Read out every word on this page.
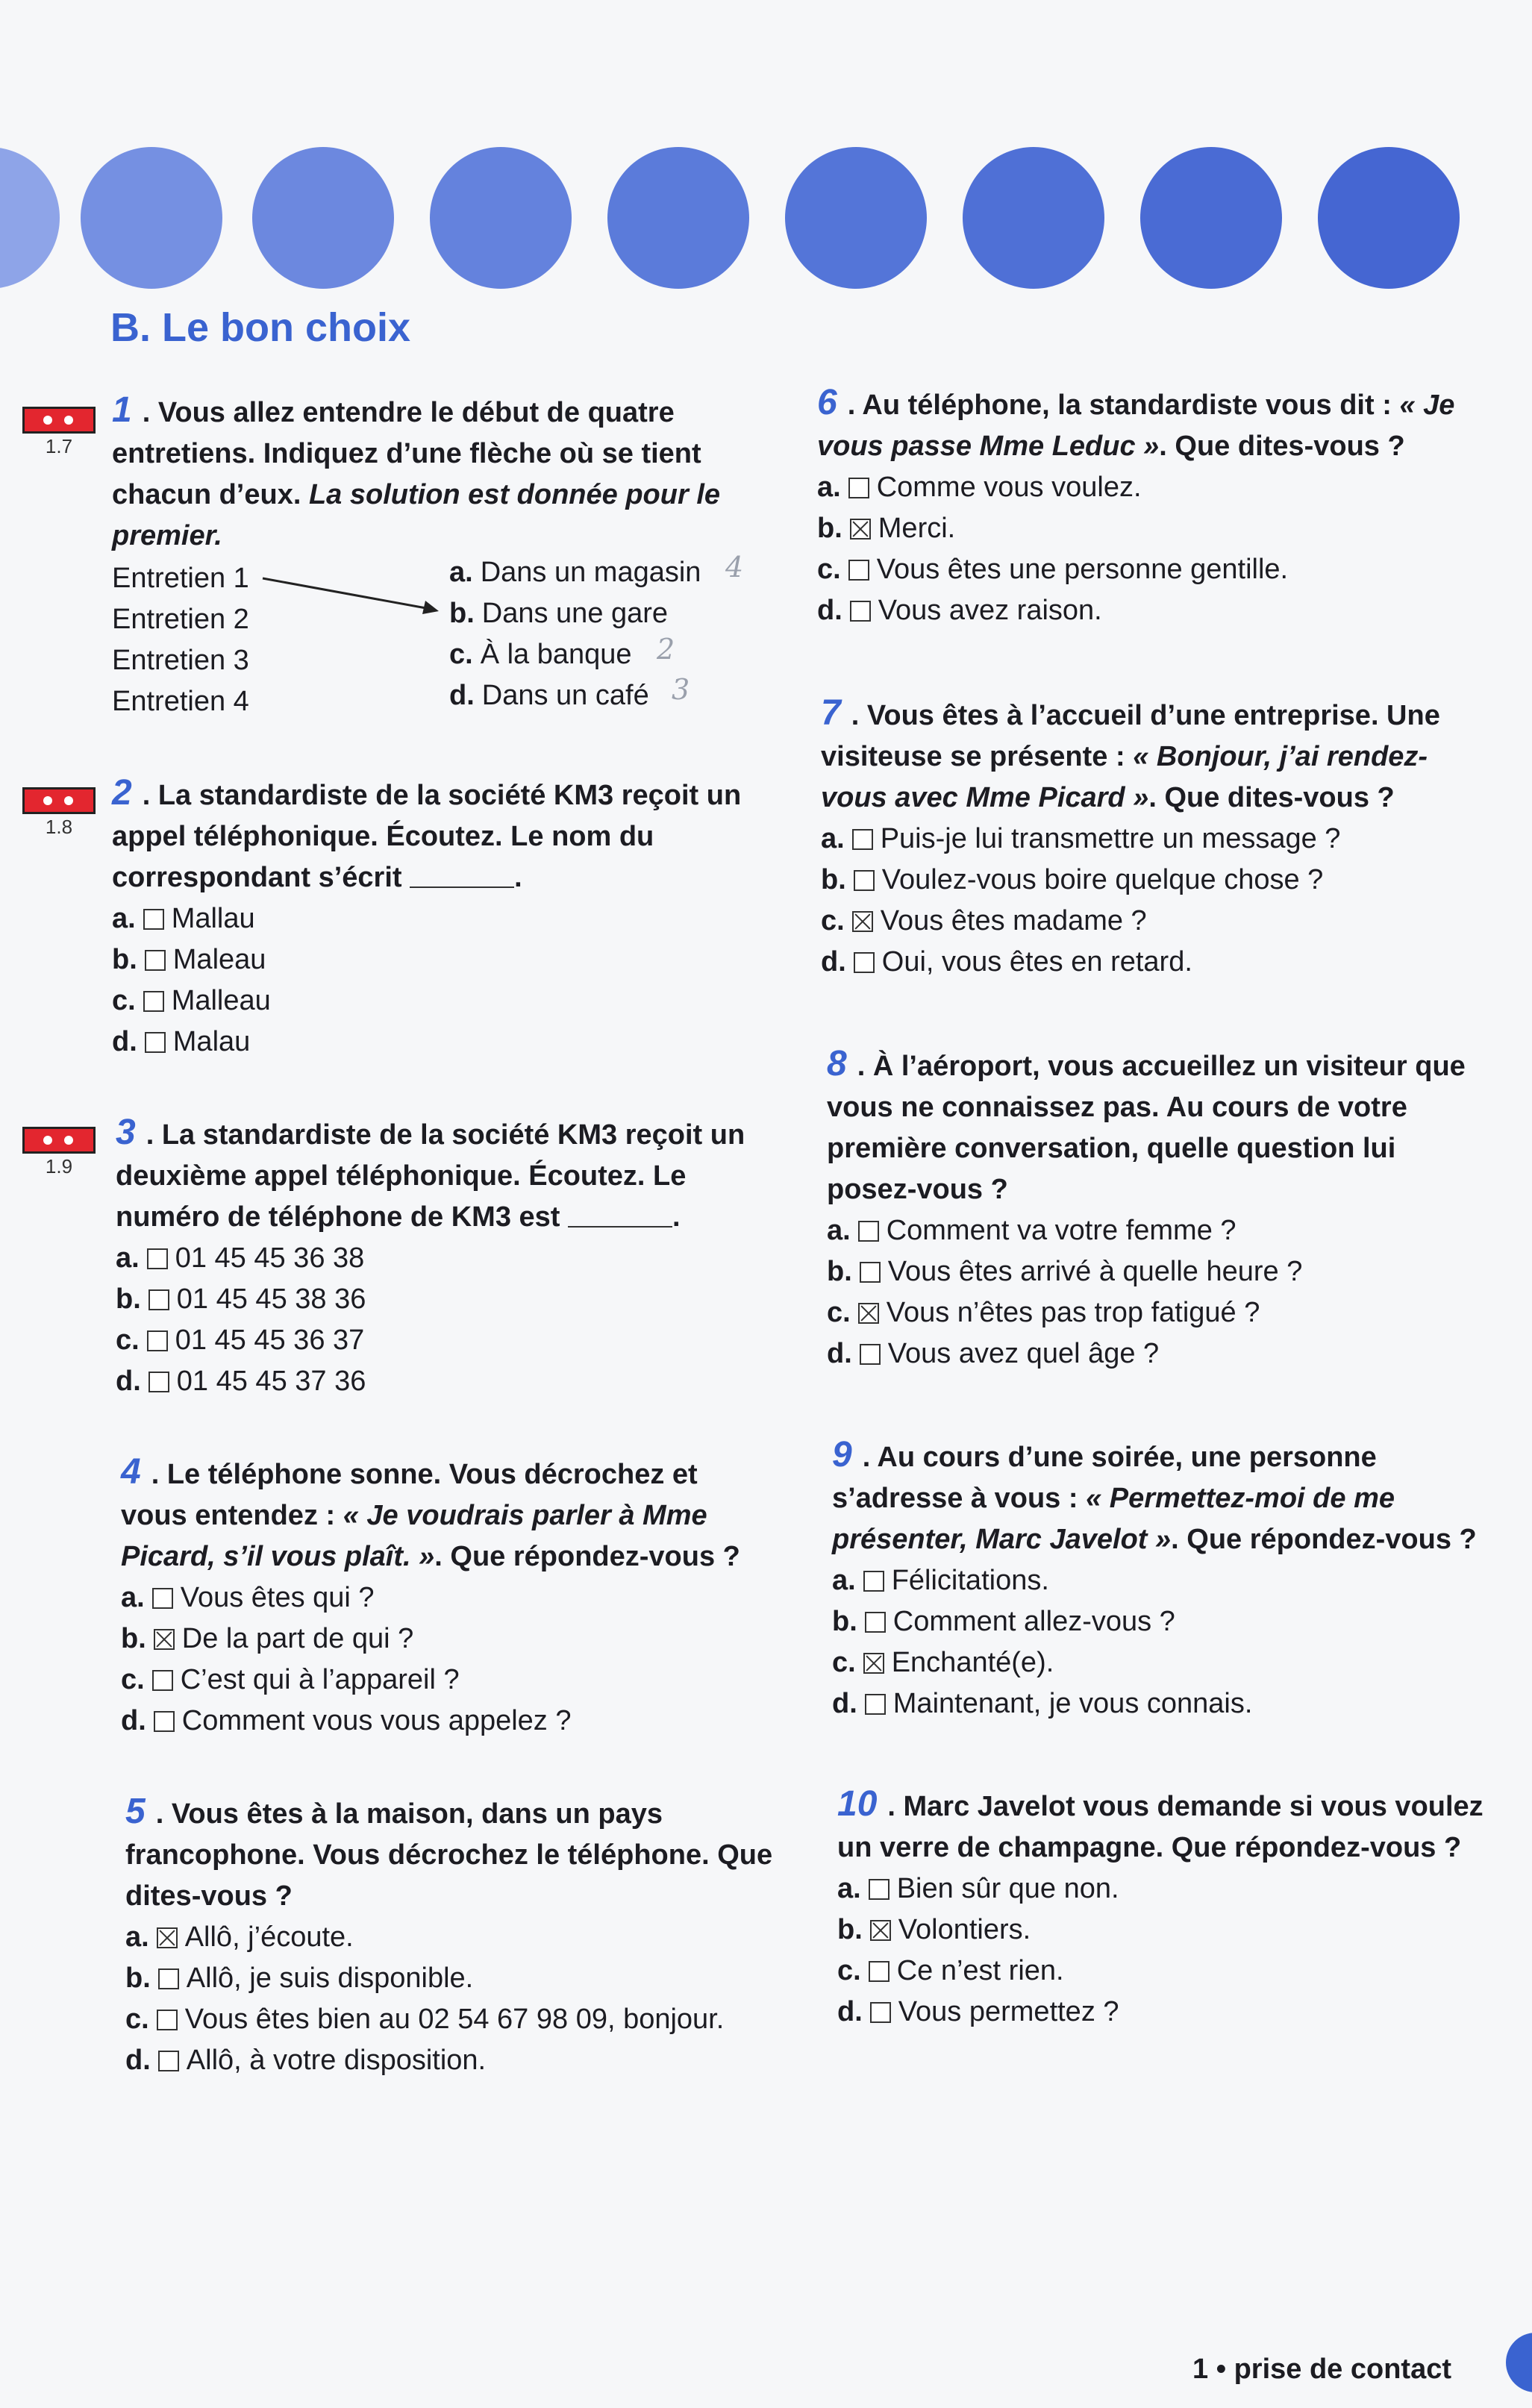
B. Le bon choix
1.7
1.8
1.9
1 . Vous allez entendre le début de quatre entretiens. Indiquez d’une flèche où se tient chacun d’eux. La solution est donnée pour le premier.
Entretien 1
Entretien 2
Entretien 3
Entretien 4
a. Dans un magasin
b. Dans une gare
c. À la banque
d. Dans un café
4
2
3
2 . La standardiste de la société KM3 reçoit un appel téléphonique. Écoutez. Le nom du correspondant s’écrit	.
a. Mallau
b. Maleau
c. Malleau
d. Malau
3 . La standardiste de la société KM3 reçoit un deuxième appel téléphonique. Écoutez. Le numéro de téléphone de KM3 est	.
a. 01 45 45 36 38
b. 01 45 45 38 36
c. 01 45 45 36 37
d. 01 45 45 37 36
4 . Le téléphone sonne. Vous décrochez et vous entendez : « Je voudrais parler à Mme Picard, s’il vous plaît. ». Que répondez-vous ?
a. Vous êtes qui ?
b. De la part de qui ?
c. C’est qui à l’appareil ?
d. Comment vous vous appelez ?
5 . Vous êtes à la maison, dans un pays francophone. Vous décrochez le téléphone. Que dites-vous ?
a. Allô, j’écoute.
b. Allô, je suis disponible.
c. Vous êtes bien au 02 54 67 98 09, bonjour.
d. Allô, à votre disposition.
6 . Au téléphone, la standardiste vous dit : « Je vous passe Mme Leduc ». Que dites-vous ?
a. Comme vous voulez.
b. Merci.
c. Vous êtes une personne gentille.
d. Vous avez raison.
7 . Vous êtes à l’accueil d’une entreprise. Une visiteuse se présente : « Bonjour, j’ai rendez-vous avec Mme Picard ». Que dites-vous ?
a. Puis-je lui transmettre un message ?
b. Voulez-vous boire quelque chose ?
c. Vous êtes madame ?
d. Oui, vous êtes en retard.
8 . À l’aéroport, vous accueillez un visiteur que vous ne connaissez pas. Au cours de votre première conversation, quelle question lui posez-vous ?
a. Comment va votre femme ?
b. Vous êtes arrivé à quelle heure ?
c. Vous n’êtes pas trop fatigué ?
d. Vous avez quel âge ?
9 . Au cours d’une soirée, une personne s’adresse à vous : « Permettez-moi de me présenter, Marc Javelot ». Que répondez-vous ?
a. Félicitations.
b. Comment allez-vous ?
c. Enchanté(e).
d. Maintenant, je vous connais.
10 . Marc Javelot vous demande si vous voulez un verre de champagne. Que répondez-vous ?
a. Bien sûr que non.
b. Volontiers.
c. Ce n’est rien.
d. Vous permettez ?
1 • prise de contact
